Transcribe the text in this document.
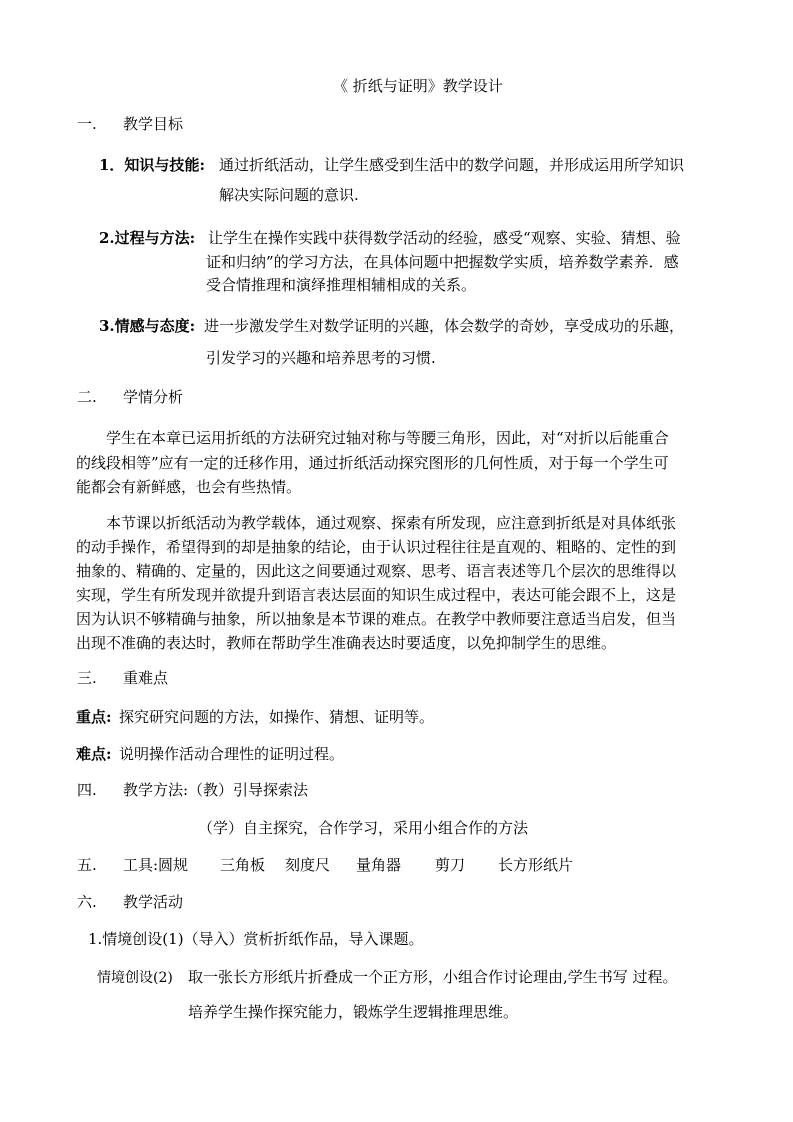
《 折纸与证明》教学设计
一. 教学目标
1．知识与技能: 通过折纸活动，让学生感受到生活中的数学问题，并形成运用所学知识
解决实际问题的意识.
2.过程与方法: 让学生在操作实践中获得数学活动的经验，感受“观察、实验、猜想、验
证和归纳”的学习方法，在具体问题中把握数学实质，培养数学素养．感
受合情推理和演绎推理相辅相成的关系。
3.情感与态度: 进一步激发学生对数学证明的兴趣，体会数学的奇妙，享受成功的乐趣，
引发学习的兴趣和培养思考的习惯.
二. 学情分析
学生在本章已运用折纸的方法研究过轴对称与等腰三角形，因此，对“对折以后能重合
的线段相等”应有一定的迁移作用，通过折纸活动探究图形的几何性质，对于每一个学生可
能都会有新鲜感，也会有些热情。
本节课以折纸活动为教学载体，通过观察、探索有所发现，应注意到折纸是对具体纸张
的动手操作，希望得到的却是抽象的结论，由于认识过程往往是直观的、粗略的、定性的到
抽象的、精确的、定量的，因此这之间要通过观察、思考、语言表述等几个层次的思维得以
实现，学生有所发现并欲提升到语言表达层面的知识生成过程中，表达可能会跟不上，这是
因为认识不够精确与抽象，所以抽象是本节课的难点。在教学中教师要注意适当启发，但当
出现不准确的表达时，教师在帮助学生准确表达时要适度，以免抑制学生的思维。
三. 重难点
重点: 探究研究问题的方法，如操作、猜想、证明等。
难点: 说明操作活动合理性的证明过程。
四. 教学方法:（教）引导探索法
（学）自主探究，合作学习，采用小组合作的方法
五. 工具:圆规 三角板 刻度尺 量角器 剪刀 长方形纸片
六. 教学活动
1.情境创设(1)（导入）赏析折纸作品，导入课题。
情境创设(2) 取一张长方形纸片折叠成一个正方形，小组合作讨论理由,学生书写 过程。
培养学生操作探究能力，锻炼学生逻辑推理思维。
